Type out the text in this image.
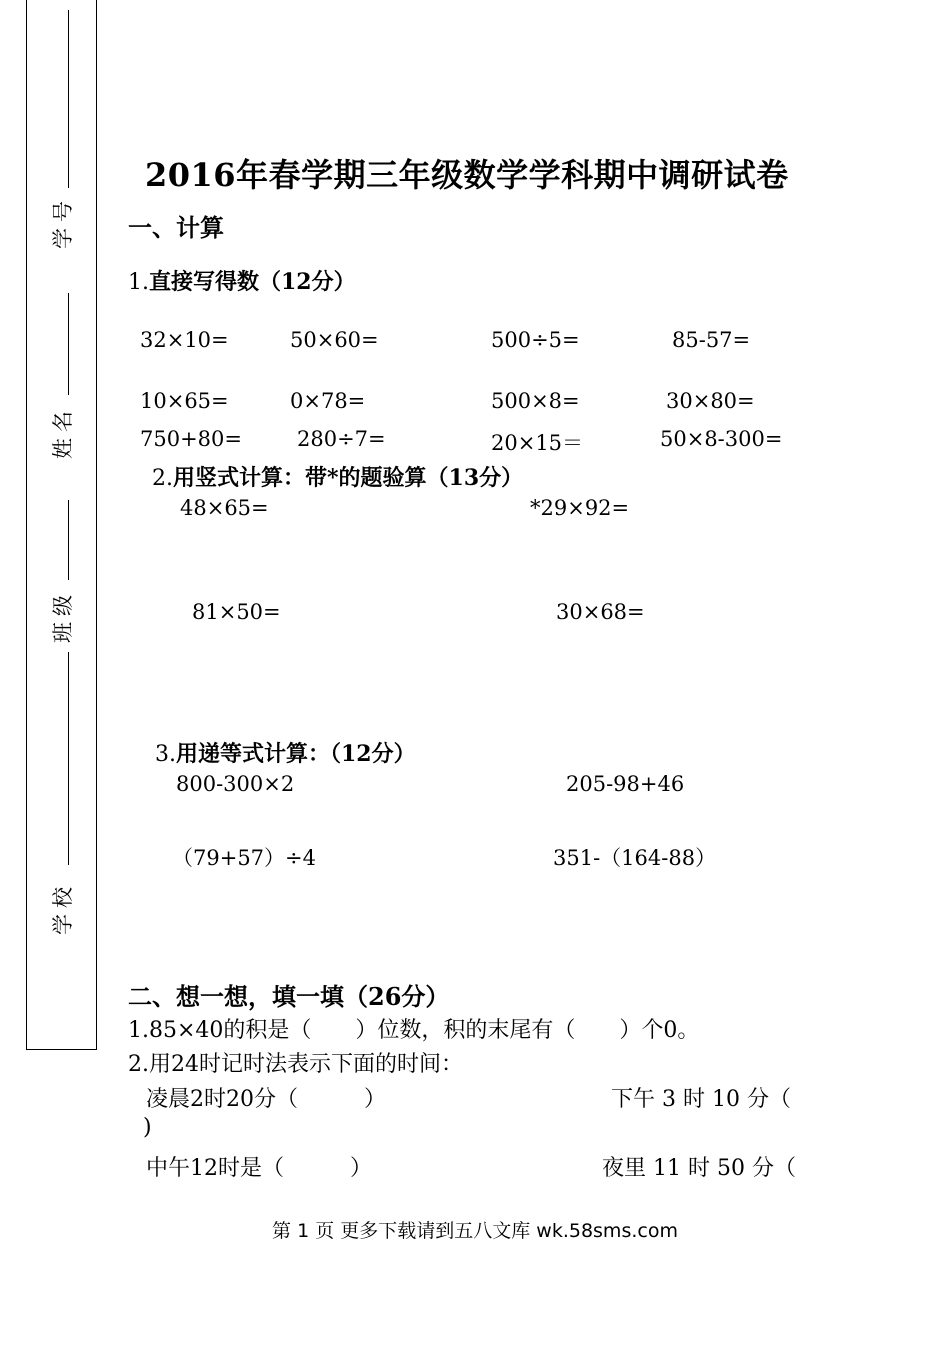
学号
姓名
班级
学校
2016年春学期三年级数学学科期中调研试卷
一、计算
1.直接写得数（12分）
32×10=	50×60=	500÷5=	85-57=
10×65=	0×78=	500×8=	30×80=
750+80=	280÷7=	20×15＝	50×8-300=
2.用竖式计算：带*的题验算（13分）
48×65=	*29×92=
81×50=	30×68=
3.用递等式计算：（12分）
800-300×2	205-98+46
（79+57）÷4	351-（164-88）
二、想一想，填一填（26分）
1.85×40的积是（　　）位数，积的末尾有（　　）个0。
2.用24时记时法表示下面的时间：
凌晨2时20分（　　　）	下午 3 时 10 分（
)
中午12时是（　　　）	夜里 11 时 50 分（
第 1 页 更多下载请到五八文库 wk.58sms.com
